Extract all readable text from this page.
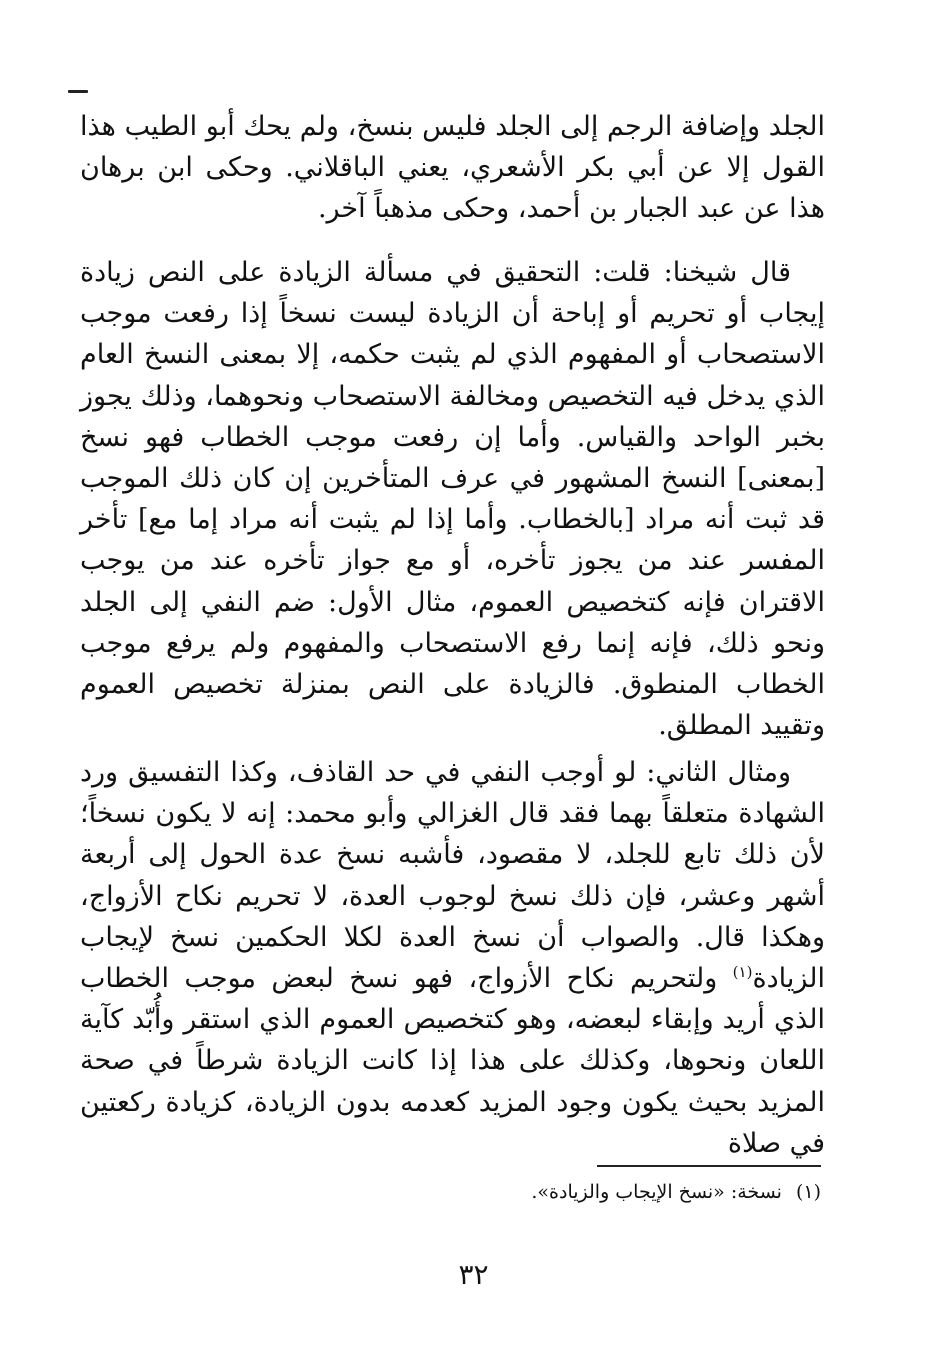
الجلد وإضافة الرجم إلى الجلد فليس بنسخ، ولم يحك أبو الطيب هذا القول إلا عن أبي بكر الأشعري، يعني الباقلاني. وحكى ابن برهان هذا عن عبد الجبار بن أحمد، وحكى مذهباً آخر.

قال شيخنا: قلت: التحقيق في مسألة الزيادة على النص زيادة إيجاب أو تحريم أو إباحة أن الزيادة ليست نسخاً إذا رفعت موجب الاستصحاب أو المفهوم الذي لم يثبت حكمه، إلا بمعنى النسخ العام الذي يدخل فيه التخصيص ومخالفة الاستصحاب ونحوهما، وذلك يجوز بخبر الواحد والقياس. وأما إن رفعت موجب الخطاب فهو نسخ [بمعنى] النسخ المشهور في عرف المتأخرين إن كان ذلك الموجب قد ثبت أنه مراد [بالخطاب. وأما إذا لم يثبت أنه مراد إما مع] تأخر المفسر عند من يجوز تأخره، أو مع جواز تأخره عند من يوجب الاقتران فإنه كتخصيص العموم، مثال الأول: ضم النفي إلى الجلد ونحو ذلك، فإنه إنما رفع الاستصحاب والمفهوم ولم يرفع موجب الخطاب المنطوق. فالزيادة على النص بمنزلة تخصيص العموم وتقييد المطلق.

ومثال الثاني: لو أوجب النفي في حد القاذف، وكذا التفسيق ورد الشهادة متعلقاً بهما فقد قال الغزالي وأبو محمد: إنه لا يكون نسخاً؛ لأن ذلك تابع للجلد، لا مقصود، فأشبه نسخ عدة الحول إلى أربعة أشهر وعشر، فإن ذلك نسخ لوجوب العدة، لا تحريم نكاح الأزواج، وهكذا قال. والصواب أن نسخ العدة لكلا الحكمين نسخ لإيجاب الزيادة$^{(١)}$ ولتحريم نكاح الأزواج، فهو نسخ لبعض موجب الخطاب الذي أريد وإبقاء لبعضه، وهو كتخصيص العموم الذي استقر وأُبّد كآية اللعان ونحوها، وكذلك على هذا إذا كانت الزيادة شرطاً في صحة المزيد بحيث يكون وجود المزيد كعدمه بدون الزيادة، كزيادة ركعتين في صلاة

(١)نسخة: «نسخ الإيجاب والزيادة».
٣٢
